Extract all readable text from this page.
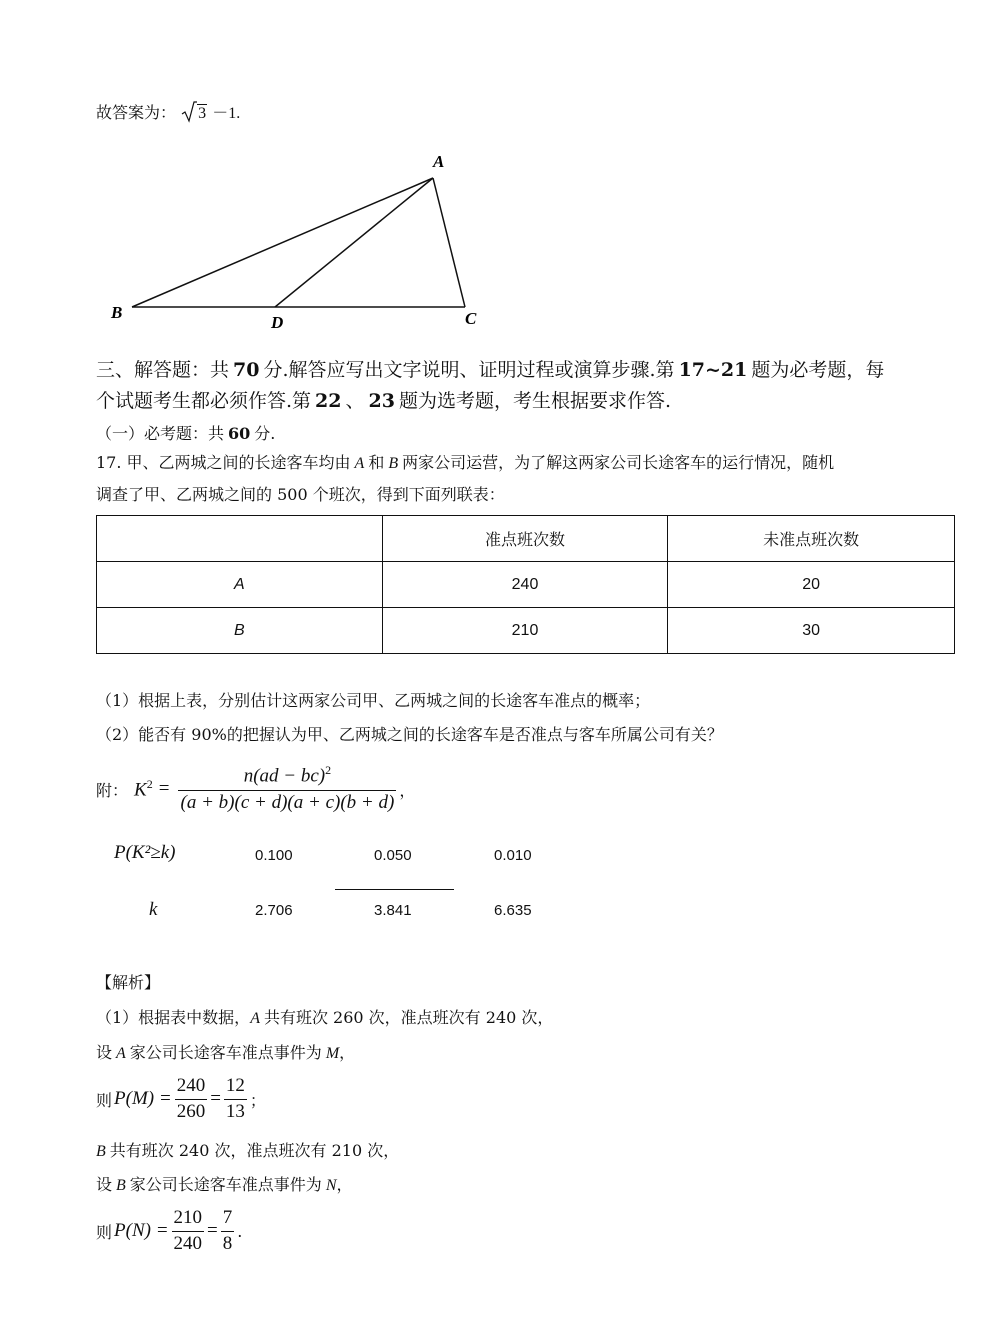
故答案为： 3 －1.
A
B
D	C
三、解答题：共 70 分.解答应写出文字说明、证明过程或演算步骤.第 17~21 题为必考题，每
个试题考生都必须作答.第 22 、 23 题为选考题，考生根据要求作答.
（一）必考题：共 60 分.
17. 甲、乙两城之间的长途客车均由 A 和 B 两家公司运营，为了解这两家公司长途客车的运行情况，随机
调查了甲、乙两城之间的 500 个班次，得到下面列联表：
	准点班次数	未准点班次数
A	240	20
B	210	30
（1）根据上表，分别估计这两家公司甲、乙两城之间的长途客车准点的概率；
（2）能否有 90%的把握认为甲、乙两城之间的长途客车是否准点与客车所属公司有关？
附： $K^2 = \frac{n(ad - bc)^2}{(a + b)(c + d)(a + c)(b + d)}$ ，
P(K²≥k)	0.100	0.050	0.010
k	2.706	3.841	6.635
【解析】
（1）根据表中数据，A 共有班次 260 次，准点班次有 240 次，
设 A 家公司长途客车准点事件为 M，
则 $P(M) = \frac{240}{260} = \frac{12}{13}$ ；
B 共有班次 240 次，准点班次有 210 次，
设 B 家公司长途客车准点事件为 N，
则 $P(N) = \frac{210}{240} = \frac{7}{8}$ .
